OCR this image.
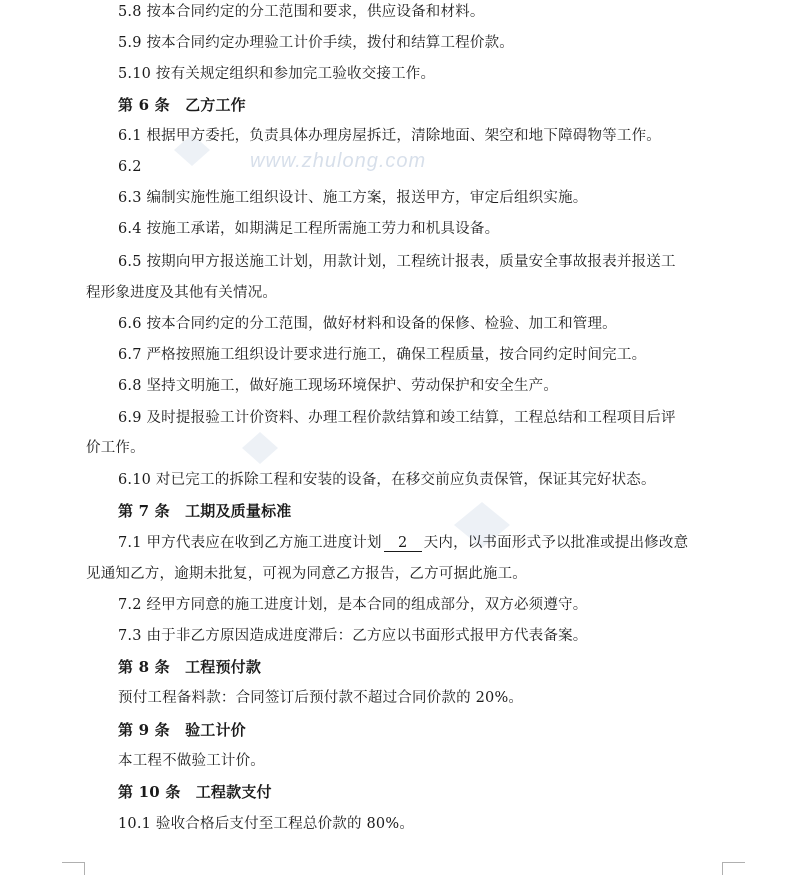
www.zhulong.com
5.8 按本合同约定的分工范围和要求，供应设备和材料。
5.9 按本合同约定办理验工计价手续，拨付和结算工程价款。
5.10 按有关规定组织和参加完工验收交接工作。
第 6 条　乙方工作
6.1 根据甲方委托，负责具体办理房屋拆迁，清除地面、架空和地下障碍物等工作。
6.2
6.3 编制实施性施工组织设计、施工方案，报送甲方，审定后组织实施。
6.4 按施工承诺，如期满足工程所需施工劳力和机具设备。
6.5 按期向甲方报送施工计划，用款计划，工程统计报表，质量安全事故报表并报送工
程形象进度及其他有关情况。
6.6 按本合同约定的分工范围，做好材料和设备的保修、检验、加工和管理。
6.7 严格按照施工组织设计要求进行施工，确保工程质量，按合同约定时间完工。
6.8 坚持文明施工，做好施工现场环境保护、劳动保护和安全生产。
6.9 及时提报验工计价资料、办理工程价款结算和竣工结算，工程总结和工程项目后评
价工作。
6.10 对已完工的拆除工程和安装的设备，在移交前应负责保管，保证其完好状态。
第 7 条　工期及质量标准
7.1 甲方代表应在收到乙方施工进度计划 2 天内，以书面形式予以批准或提出修改意
见通知乙方，逾期未批复，可视为同意乙方报告，乙方可据此施工。
7.2 经甲方同意的施工进度计划，是本合同的组成部分，双方必须遵守。
7.3 由于非乙方原因造成进度滞后：乙方应以书面形式报甲方代表备案。
第 8 条　工程预付款
预付工程备料款：合同签订后预付款不超过合同价款的 20%。
第 9 条　验工计价
本工程不做验工计价。
第 10 条　工程款支付
10.1 验收合格后支付至工程总价款的 80%。
